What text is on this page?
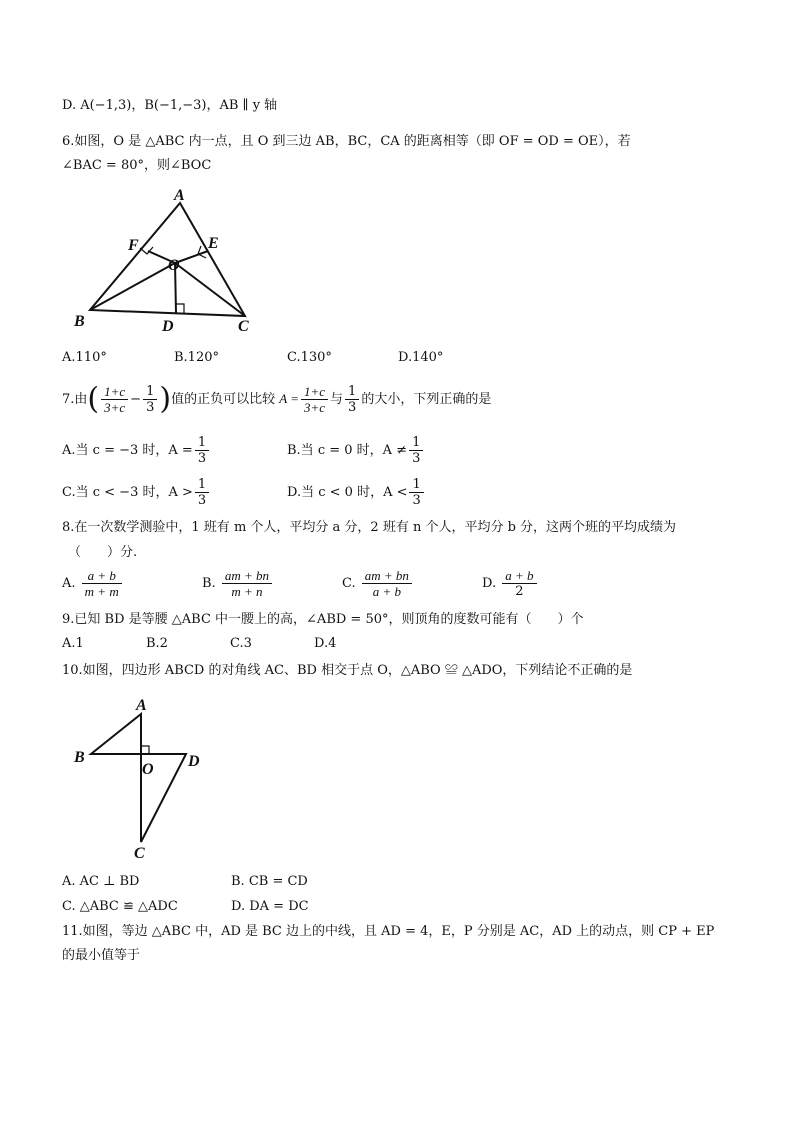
D. A(−1,3)，B(−1,−3)，AB ∥ y 轴
6.如图，O 是 △ABC 内一点，且 O 到三边 AB，BC，CA 的距离相等（即 OF = OD = OE），若
∠BAC = 80°，则∠BOC
A
F	E
O
B	D	C
A.110°	B.120°	C.130°	D.140°
7.由( $\frac{1+c}{3+c} - \frac{1}{3}$ )值的正负可以比较 $A = \frac{1+c}{3+c}$ 与 $\frac{1}{3}$ 的大小，下列正确的是
A.当 c = −3 时，$A = \frac{1}{3}$	B.当 c = 0 时，$A \ne \frac{1}{3}$
C.当 c < −3 时，$A > \frac{1}{3}$	D.当 c < 0 时，$A < \frac{1}{3}$
8.在一次数学测验中，1 班有 m 个人，平均分 a 分，2 班有 n 个人，平均分 b 分，这两个班的平均成绩为
（　　）分.
A. $\frac{a + b}{m + m}$	B. $\frac{am + bn}{m + n}$	C. $\frac{am + bn}{a + b}$	D. $\frac{a + b}{2}$
9.已知 BD 是等腰 △ABC 中一腰上的高，∠ABD = 50°，则顶角的度数可能有（　　）个
A.1	B.2	C.3	D.4
10.如图，四边形 ABCD 的对角线 AC、BD 相交于点 O，△ABO ≌ △ADO，下列结论不正确的是
A
B
O D
C
A. AC ⊥ BD	B. CB = CD
C. △ABC ≌ △ADC	D. DA = DC
11.如图，等边 △ABC 中，AD 是 BC 边上的中线，且 AD = 4，E，P 分别是 AC，AD 上的动点，则 CP + EP
的最小值等于
